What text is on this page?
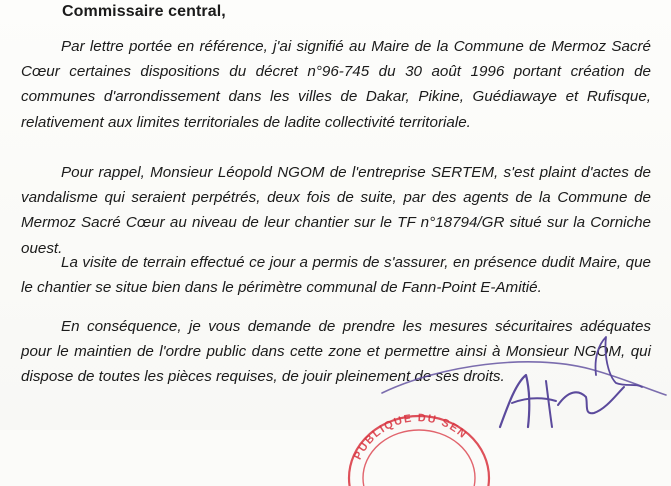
Commissaire central,
Par lettre portée en référence, j'ai signifié au Maire de la Commune de Mermoz Sacré Cœur certaines dispositions du décret n°96-745 du 30 août 1996 portant création de communes d'arrondissement dans les villes de Dakar, Pikine, Guédiawaye et Rufisque, relativement aux limites territoriales de ladite collectivité territoriale.
Pour rappel, Monsieur Léopold NGOM de l'entreprise SERTEM, s'est plaint d'actes de vandalisme qui seraient perpétrés, deux fois de suite, par des agents de la Commune de Mermoz Sacré Cœur au niveau de leur chantier sur le TF n°18794/GR situé sur la Corniche ouest.
La visite de terrain effectué ce jour a permis de s'assurer, en présence dudit Maire, que le chantier se situe bien dans le périmètre communal de Fann-Point E-Amitié.
En conséquence, je vous demande de prendre les mesures sécuritaires adéquates pour le maintien de l'ordre public dans cette zone et permettre ainsi à Monsieur NGOM, qui dispose de toutes les pièces requises, de jouir pleinement de ses droits.
PUBLIQUE DU SEN
